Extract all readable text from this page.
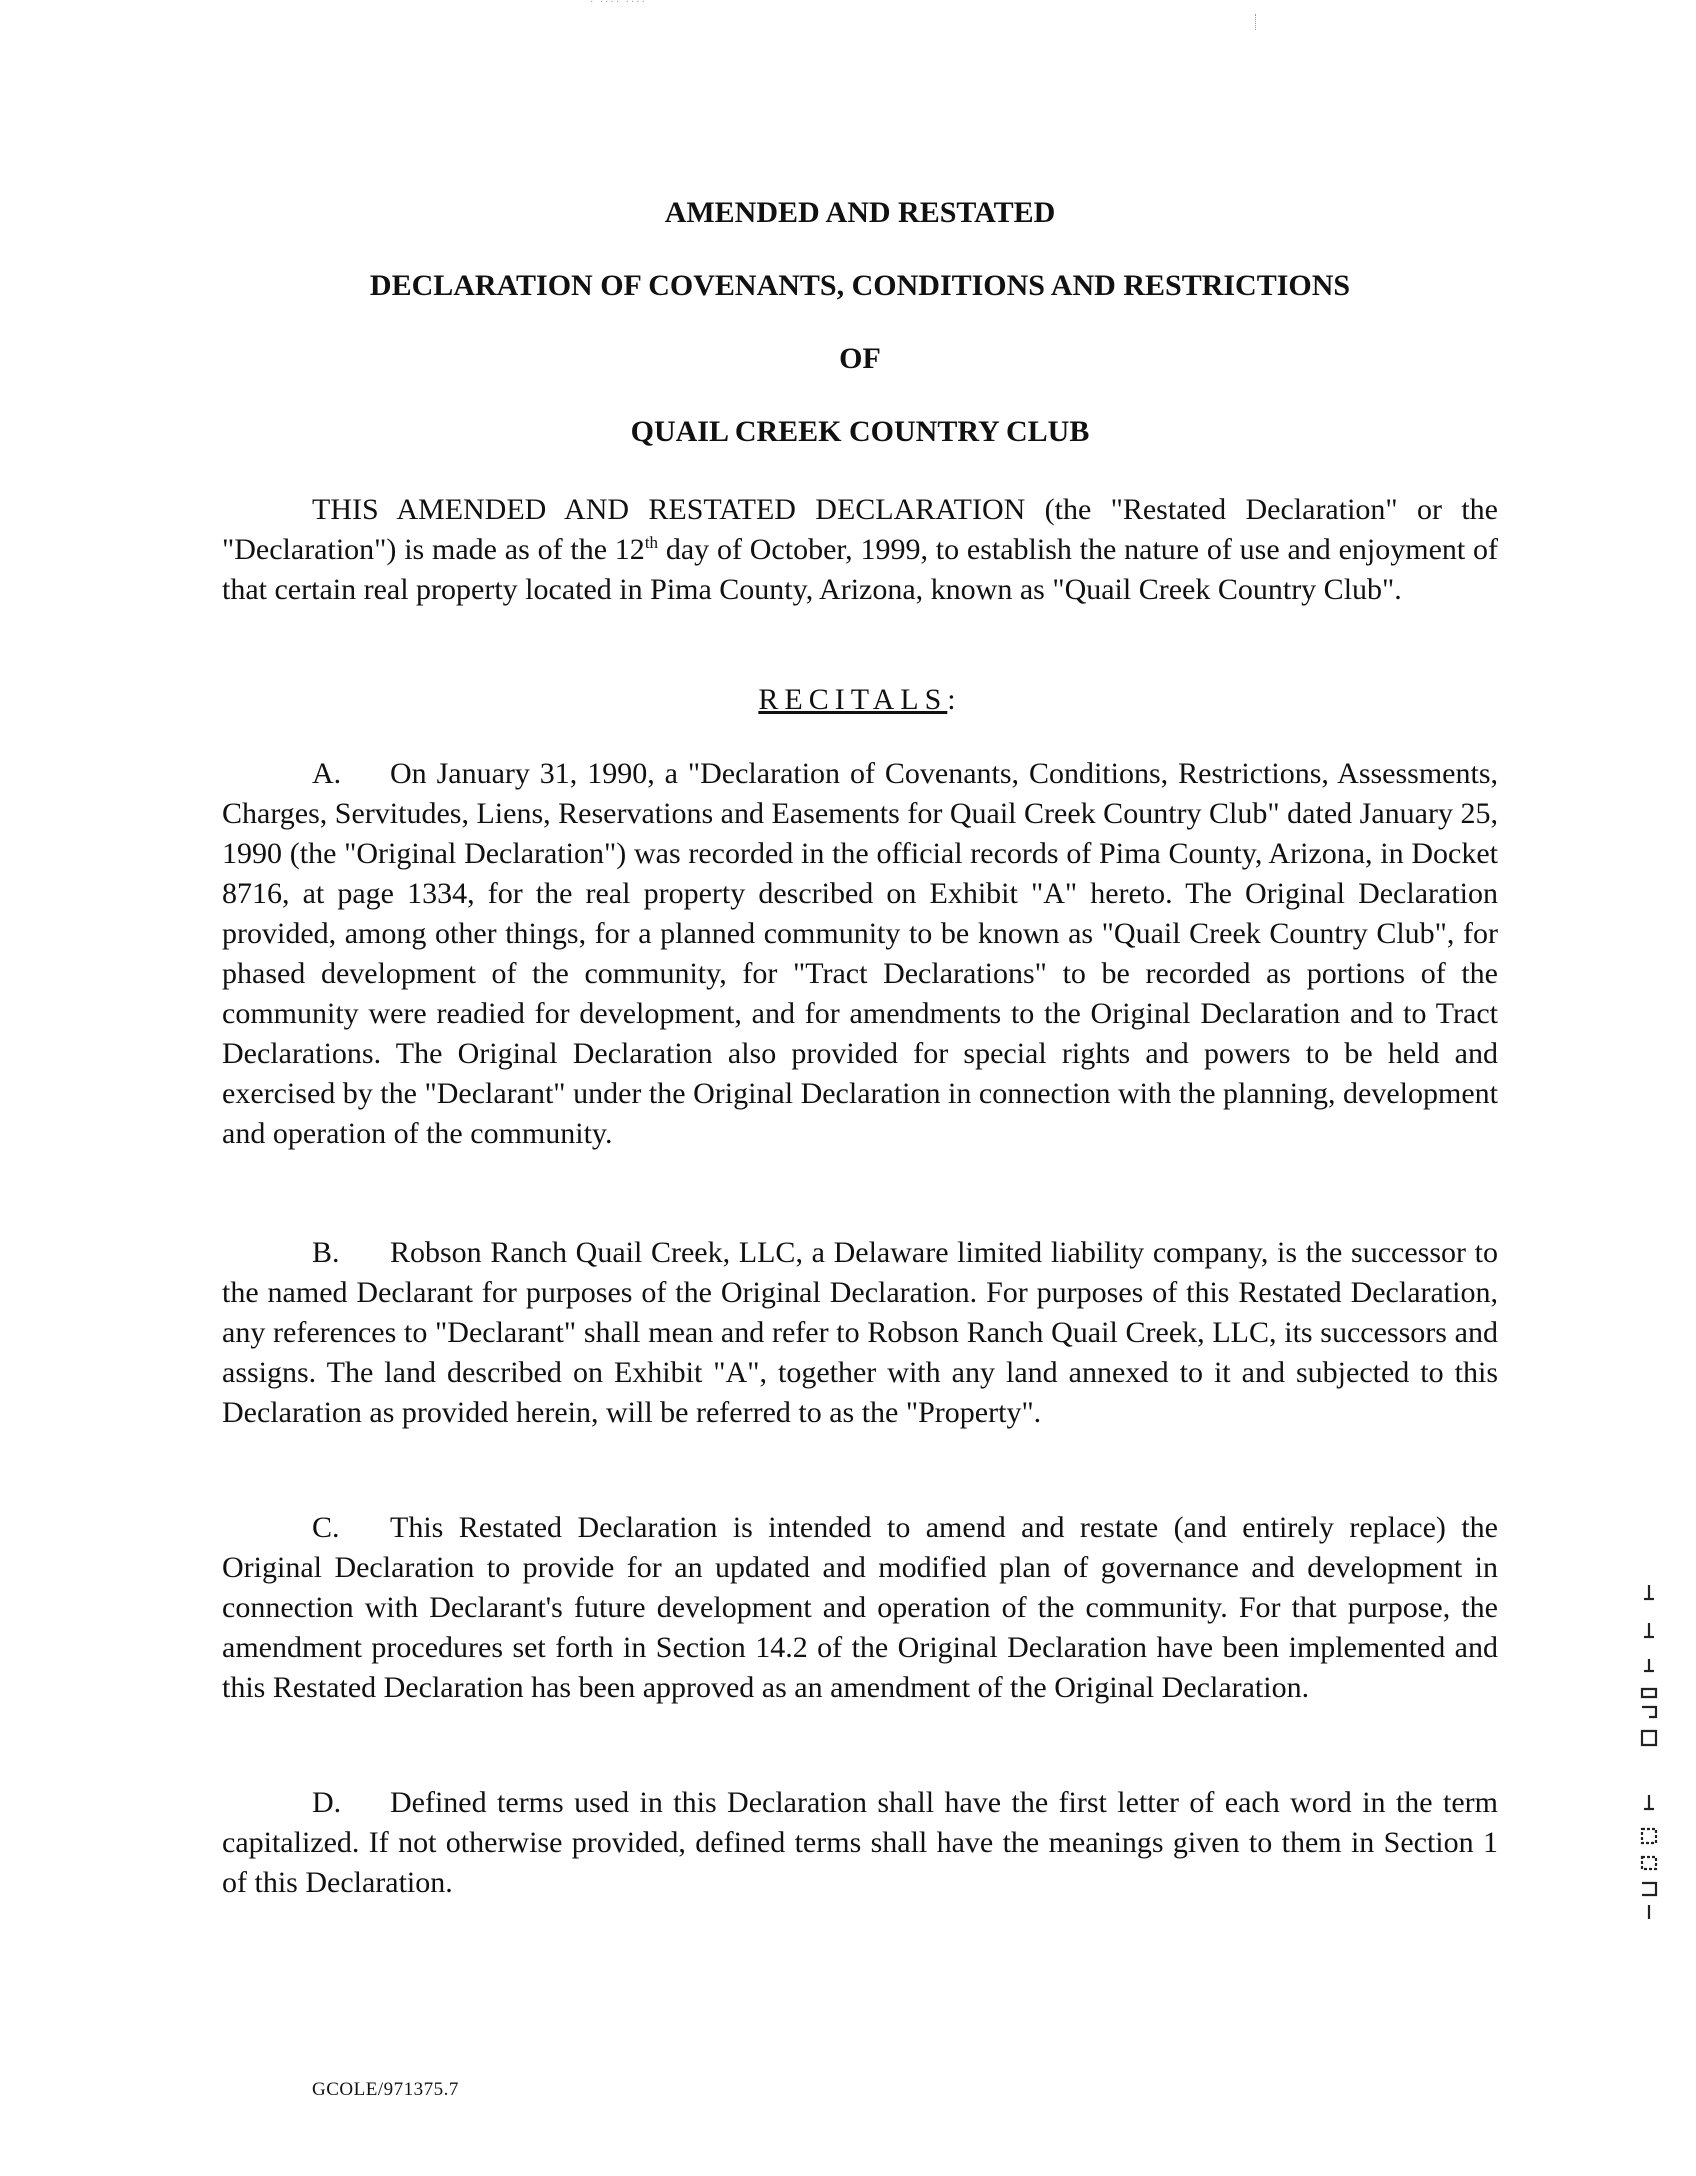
· ···· ····
AMENDED AND RESTATED
DECLARATION OF COVENANTS, CONDITIONS AND RESTRICTIONS
OF
QUAIL CREEK COUNTRY CLUB

THIS AMENDED AND RESTATED DECLARATION (the "Restated Declaration" or the "Declaration") is made as of the 12th day of October, 1999, to establish the nature of use and enjoyment of that certain real property located in Pima County, Arizona, known as "Quail Creek Country Club".

RECITALS:

A. On January 31, 1990, a "Declaration of Covenants, Conditions, Restrictions, Assessments, Charges, Servitudes, Liens, Reservations and Easements for Quail Creek Country Club" dated January 25, 1990 (the "Original Declaration") was recorded in the official records of Pima County, Arizona, in Docket 8716, at page 1334, for the real property described on Exhibit "A" hereto. The Original Declaration provided, among other things, for a planned community to be known as "Quail Creek Country Club", for phased development of the community, for "Tract Declarations" to be recorded as portions of the community were readied for development, and for amendments to the Original Declaration and to Tract Declarations. The Original Declaration also provided for special rights and powers to be held and exercised by the "Declarant" under the Original Declaration in connection with the planning, development and operation of the community.

B. Robson Ranch Quail Creek, LLC, a Delaware limited liability company, is the successor to the named Declarant for purposes of the Original Declaration. For purposes of this Restated Declaration, any references to "Declarant" shall mean and refer to Robson Ranch Quail Creek, LLC, its successors and assigns. The land described on Exhibit "A", together with any land annexed to it and subjected to this Declaration as provided herein, will be referred to as the "Property".

C. This Restated Declaration is intended to amend and restate (and entirely replace) the Original Declaration to provide for an updated and modified plan of governance and development in connection with Declarant's future development and operation of the community. For that purpose, the amendment procedures set forth in Section 14.2 of the Original Declaration have been implemented and this Restated Declaration has been approved as an amendment of the Original Declaration.

D. Defined terms used in this Declaration shall have the first letter of each word in the term capitalized. If not otherwise provided, defined terms shall have the meanings given to them in Section 1 of this Declaration.

GCOLE/971375.7
